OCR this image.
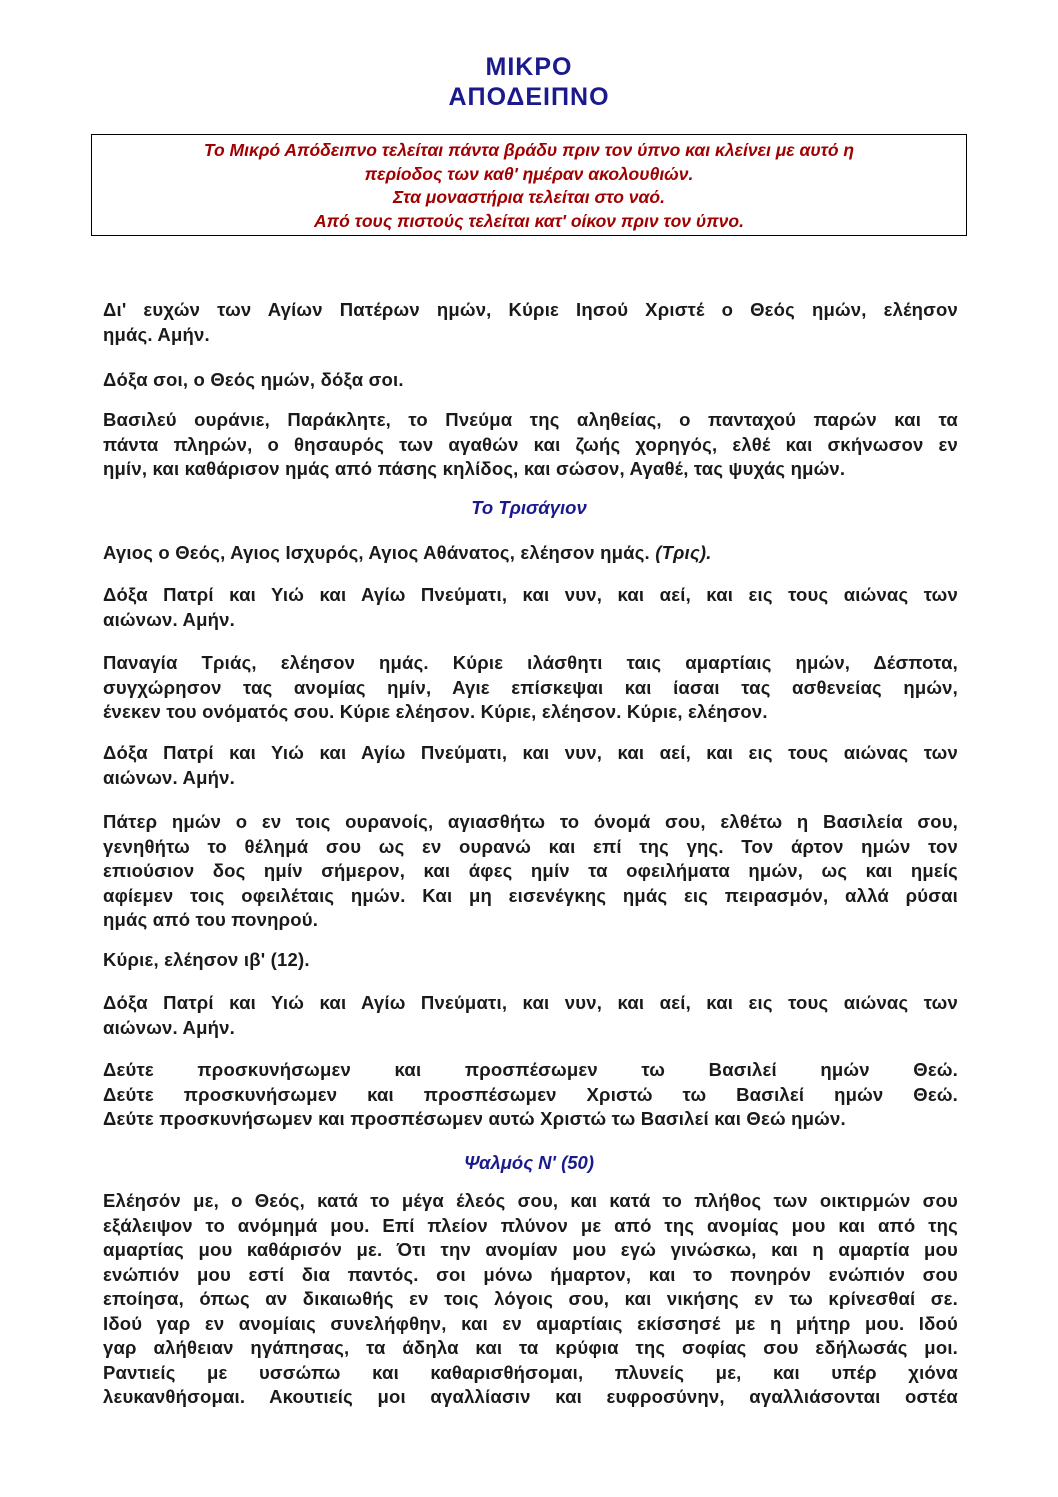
ΜΙΚΡΟ
ΑΠΟΔΕΙΠΝΟ
Το Μικρό Απόδειπνο τελείται πάντα βράδυ πριν τον ύπνο και κλείνει με αυτό η
περίοδος των καθ' ημέραν ακολουθιών.
Στα μοναστήρια τελείται στο ναό.
Από τους πιστούς τελείται κατ' οίκον πριν τον ύπνο.
Δι' ευχών των Αγίων Πατέρων ημών, Κύριε Ιησού Χριστέ ο Θεός ημών, ελέησον
ημάς. Αμήν.
Δόξα σοι, ο Θεός ημών, δόξα σοι.
Βασιλεύ ουράνιε, Παράκλητε, το Πνεύμα της αληθείας, ο πανταχού παρών και τα
πάντα πληρών, ο θησαυρός των αγαθών και ζωής χορηγός, ελθέ και σκήνωσον εν
ημίν, και καθάρισον ημάς από πάσης κηλίδος, και σώσον, Αγαθέ, τας ψυχάς ημών.
Το Τρισάγιον
Αγιος ο Θεός, Αγιος Ισχυρός, Αγιος Αθάνατος, ελέησον ημάς. (Τρις).
Δόξα Πατρί και Υιώ και Αγίω Πνεύματι, και νυν, και αεί, και εις τους αιώνας των
αιώνων. Αμήν.
Παναγία Τριάς, ελέησον ημάς. Κύριε ιλάσθητι ταις αμαρτίαις ημών, Δέσποτα,
συγχώρησον τας ανομίας ημίν, Αγιε επίσκεψαι και ίασαι τας ασθενείας ημών,
ένεκεν του ονόματός σου. Κύριε ελέησον. Κύριε, ελέησον. Κύριε, ελέησον.
Δόξα Πατρί και Υιώ και Αγίω Πνεύματι, και νυν, και αεί, και εις τους αιώνας των
αιώνων. Αμήν.
Πάτερ ημών ο εν τοις ουρανοίς, αγιασθήτω το όνομά σου, ελθέτω η Βασιλεία σου,
γενηθήτω το θέλημά σου ως εν ουρανώ και επί της γης. Τον άρτον ημών τον
επιούσιον δος ημίν σήμερον, και άφες ημίν τα οφειλήματα ημών, ως και ημείς
αφίεμεν τοις οφειλέταις ημών. Και μη εισενέγκης ημάς εις πειρασμόν, αλλά ρύσαι
ημάς από του πονηρού.
Κύριε, ελέησον ιβ' (12).
Δόξα Πατρί και Υιώ και Αγίω Πνεύματι, και νυν, και αεί, και εις τους αιώνας των
αιώνων. Αμήν.
Δεύτε προσκυνήσωμεν και προσπέσωμεν τω Βασιλεί ημών Θεώ.
Δεύτε προσκυνήσωμεν και προσπέσωμεν Χριστώ τω Βασιλεί ημών Θεώ.
Δεύτε προσκυνήσωμεν και προσπέσωμεν αυτώ Χριστώ τω Βασιλεί και Θεώ ημών.
Ψαλμός Ν' (50)
Ελέησόν με, ο Θεός, κατά το μέγα έλεός σου, και κατά το πλήθος των οικτιρμών σου
εξάλειψον το ανόμημά μου. Επί πλείον πλύνον με από της ανομίας μου και από της
αμαρτίας μου καθάρισόν με. Ότι την ανομίαν μου εγώ γινώσκω, και η αμαρτία μου
ενώπιόν μου εστί δια παντός. σοι μόνω ήμαρτον, και το πονηρόν ενώπιόν σου
εποίησα, όπως αν δικαιωθής εν τοις λόγοις σου, και νικήσης εν τω κρίνεσθαί σε.
Ιδού γαρ εν ανομίαις συνελήφθην, και εν αμαρτίαις εκίσσησέ με η μήτηρ μου. Ιδού
γαρ αλήθειαν ηγάπησας, τα άδηλα και τα κρύφια της σοφίας σου εδήλωσάς μοι.
Ραντιείς με υσσώπω και καθαρισθήσομαι, πλυνείς με, και υπέρ χιόνα
λευκανθήσομαι. Ακουτιείς μοι αγαλλίασιν και ευφροσύνην, αγαλλιάσονται οστέα
